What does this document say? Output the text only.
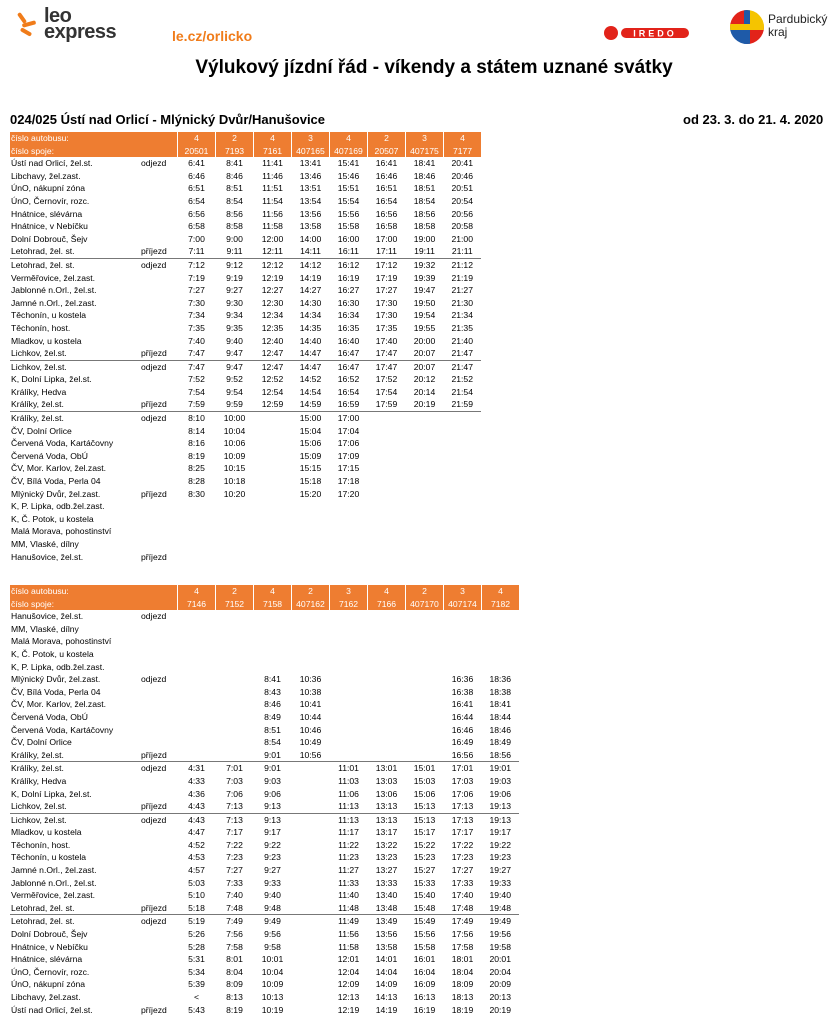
leo
express	le.cz/orlicko	IREDO
Pardubický
kraj
Výlukový jízdní řád - víkendy a státem uznané svátky
024/025 Ústí nad Orlicí - Mlýnický Dvůr/Hanušovice	od 23. 3. do 21. 4. 2020
číslo autobusu:		4	2	4	3	4	2	3	4
číslo spoje:		20501	7193	7161	407165	407169	20507	407175	7177
Ústí nad Orlicí, žel.st.	odjezd	6:41	8:41	11:41	13:41	15:41	16:41	18:41	20:41
Libchavy, žel.zast.		6:46	8:46	11:46	13:46	15:46	16:46	18:46	20:46
ÚnO, nákupní zóna		6:51	8:51	11:51	13:51	15:51	16:51	18:51	20:51
ÚnO, Černovír, rozc.		6:54	8:54	11:54	13:54	15:54	16:54	18:54	20:54
Hnátnice, slévárna		6:56	8:56	11:56	13:56	15:56	16:56	18:56	20:56
Hnátnice, v Nebíčku		6:58	8:58	11:58	13:58	15:58	16:58	18:58	20:58
Dolní Dobrouč, Šejv		7:00	9:00	12:00	14:00	16:00	17:00	19:00	21:00
Letohrad, žel. st.	příjezd	7:11	9:11	12:11	14:11	16:11	17:11	19:11	21:11
Letohrad, žel. st.	odjezd	7:12	9:12	12:12	14:12	16:12	17:12	19:32	21:12
Verměřovice, žel.zast.		7:19	9:19	12:19	14:19	16:19	17:19	19:39	21:19
Jablonné n.Orl., žel.st.		7:27	9:27	12:27	14:27	16:27	17:27	19:47	21:27
Jamné n.Orl., žel.zast.		7:30	9:30	12:30	14:30	16:30	17:30	19:50	21:30
Těchonín, u kostela		7:34	9:34	12:34	14:34	16:34	17:30	19:54	21:34
Těchonín, host.		7:35	9:35	12:35	14:35	16:35	17:35	19:55	21:35
Mladkov, u kostela		7:40	9:40	12:40	14:40	16:40	17:40	20:00	21:40
Lichkov, žel.st.	příjezd	7:47	9:47	12:47	14:47	16:47	17:47	20:07	21:47
Lichkov, žel.st.	odjezd	7:47	9:47	12:47	14:47	16:47	17:47	20:07	21:47
K, Dolní Lipka, žel.st.		7:52	9:52	12:52	14:52	16:52	17:52	20:12	21:52
Králíky, Hedva		7:54	9:54	12:54	14:54	16:54	17:54	20:14	21:54
Králíky, žel.st.	příjezd	7:59	9:59	12:59	14:59	16:59	17:59	20:19	21:59
Králíky, žel.st.	odjezd	8:10	10:00		15:00	17:00			
ČV, Dolní Orlice		8:14	10:04		15:04	17:04			
Červená Voda, Kartáčovny		8:16	10:06		15:06	17:06			
Červená Voda, ObÚ		8:19	10:09		15:09	17:09			
ČV, Mor. Karlov, žel.zast.		8:25	10:15		15:15	17:15			
ČV, Bílá Voda, Perla 04		8:28	10:18		15:18	17:18			
Mlýnický Dvůr, žel.zast.	příjezd	8:30	10:20		15:20	17:20			
K, P. Lipka, odb.žel.zast.									
K, Č. Potok, u kostela									
Malá Morava, pohostinství									
MM, Vlaské, dílny									
Hanušovice, žel.st.	příjezd								
číslo autobusu:		4	2	4	2	3	4	2	3	4
číslo spoje:		7146	7152	7158	407162	7162	7166	407170	407174	7182
Hanušovice, žel.st.	odjezd									
MM, Vlaské, dílny										
Malá Morava, pohostinství										
K, Č. Potok, u kostela										
K, P. Lipka, odb.žel.zast.										
Mlýnický Dvůr, žel.zast.	odjezd			8:41	10:36				16:36	18:36
ČV, Bílá Voda, Perla 04				8:43	10:38				16:38	18:38
ČV, Mor. Karlov, žel.zast.				8:46	10:41				16:41	18:41
Červená Voda, ObÚ				8:49	10:44				16:44	18:44
Červená Voda, Kartáčovny				8:51	10:46				16:46	18:46
ČV, Dolní Orlice				8:54	10:49				16:49	18:49
Králíky, žel.st.	příjezd			9:01	10:56				16:56	18:56
Králíky, žel.st.	odjezd	4:31	7:01	9:01		11:01	13:01	15:01	17:01	19:01
Králíky, Hedva		4:33	7:03	9:03		11:03	13:03	15:03	17:03	19:03
K, Dolní Lipka, žel.st.		4:36	7:06	9:06		11:06	13:06	15:06	17:06	19:06
Lichkov, žel.st.	příjezd	4:43	7:13	9:13		11:13	13:13	15:13	17:13	19:13
Lichkov, žel.st.	odjezd	4:43	7:13	9:13		11:13	13:13	15:13	17:13	19:13
Mladkov, u kostela		4:47	7:17	9:17		11:17	13:17	15:17	17:17	19:17
Těchonín, host.		4:52	7:22	9:22		11:22	13:22	15:22	17:22	19:22
Těchonín, u kostela		4:53	7:23	9:23		11:23	13:23	15:23	17:23	19:23
Jamné n.Orl., žel.zast.		4:57	7:27	9:27		11:27	13:27	15:27	17:27	19:27
Jablonné n.Orl., žel.st.		5:03	7:33	9:33		11:33	13:33	15:33	17:33	19:33
Verměřovice, žel.zast.		5:10	7:40	9:40		11:40	13:40	15:40	17:40	19:40
Letohrad, žel. st.	příjezd	5:18	7:48	9:48		11:48	13:48	15:48	17:48	19:48
Letohrad, žel. st.	odjezd	5:19	7:49	9:49		11:49	13:49	15:49	17:49	19:49
Dolní Dobrouč, Šejv		5:26	7:56	9:56		11:56	13:56	15:56	17:56	19:56
Hnátnice, v Nebíčku		5:28	7:58	9:58		11:58	13:58	15:58	17:58	19:58
Hnátnice, slévárna		5:31	8:01	10:01		12:01	14:01	16:01	18:01	20:01
ÚnO, Černovír, rozc.		5:34	8:04	10:04		12:04	14:04	16:04	18:04	20:04
ÚnO, nákupní zóna		5:39	8:09	10:09		12:09	14:09	16:09	18:09	20:09
Libchavy, žel.zast.		<	8:13	10:13		12:13	14:13	16:13	18:13	20:13
Ústí nad Orlicí, žel.st.	příjezd	5:43	8:19	10:19		12:19	14:19	16:19	18:19	20:19
